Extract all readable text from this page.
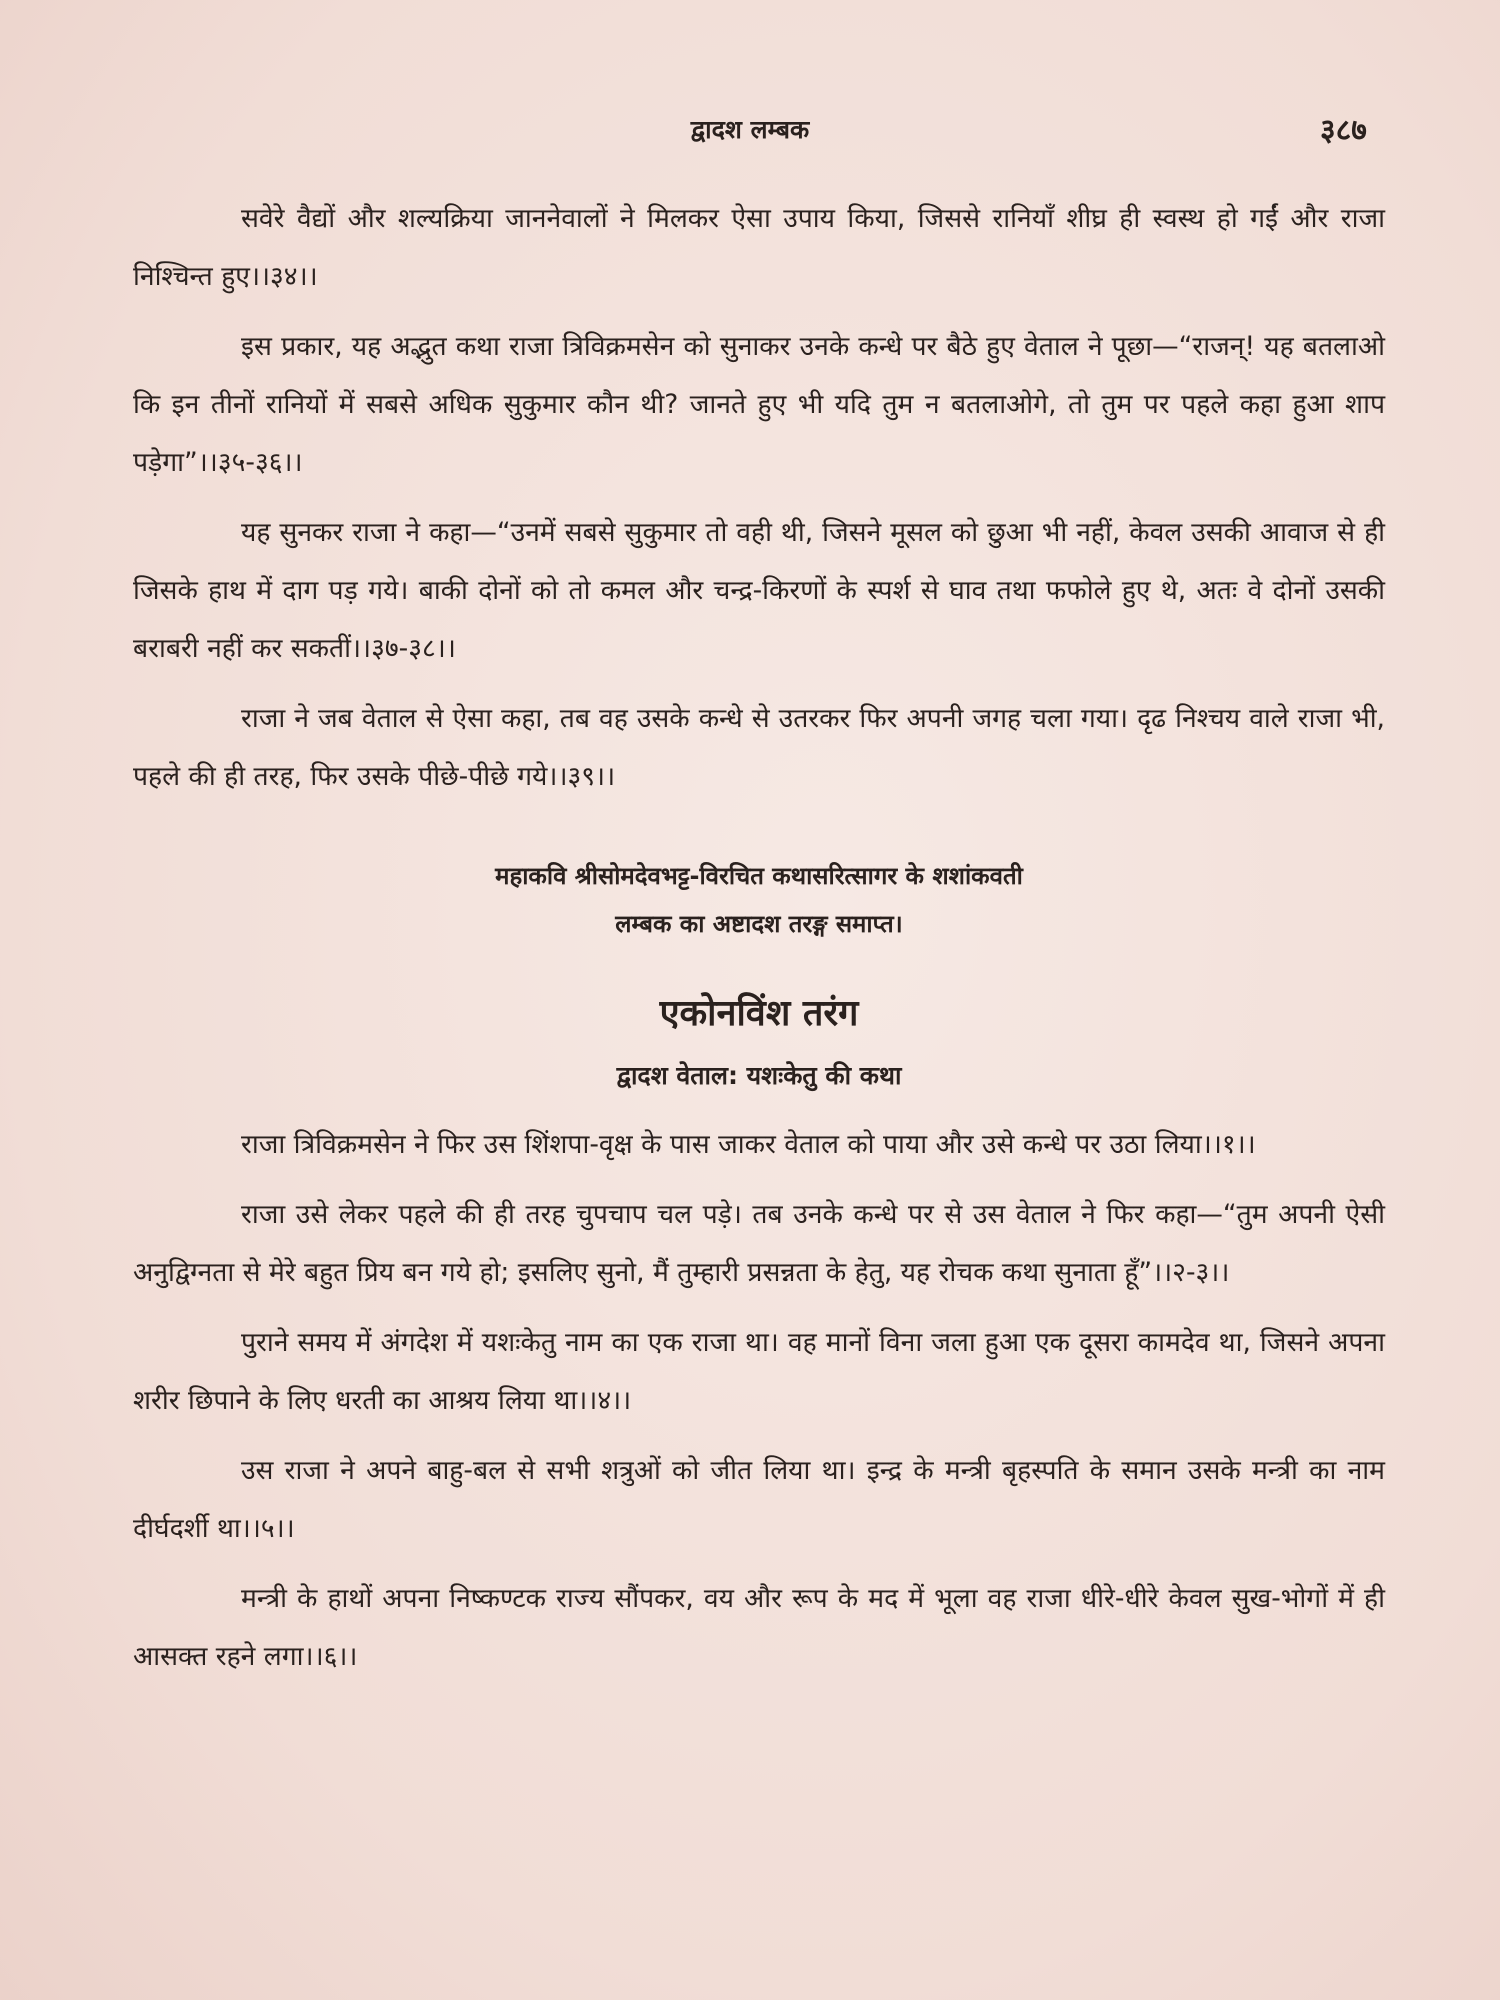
द्वादश लम्बक	३८७

सवेरे वैद्यों और शल्यक्रिया जाननेवालों ने मिलकर ऐसा उपाय किया, जिससे रानियाँ शीघ्र ही स्वस्थ हो गईं और राजा निश्चिन्त हुए।।३४।।

इस प्रकार, यह अद्भुत कथा राजा त्रिविक्रमसेन को सुनाकर उनके कन्धे पर बैठे हुए वेताल ने पूछा—“राजन्! यह बतलाओ कि इन तीनों रानियों में सबसे अधिक सुकुमार कौन थी? जानते हुए भी यदि तुम न बतलाओगे, तो तुम पर पहले कहा हुआ शाप पड़ेगा”।।३५-३६।।

यह सुनकर राजा ने कहा—“उनमें सबसे सुकुमार तो वही थी, जिसने मूसल को छुआ भी नहीं, केवल उसकी आवाज से ही जिसके हाथ में दाग पड़ गये। बाकी दोनों को तो कमल और चन्द्र-किरणों के स्पर्श से घाव तथा फफोले हुए थे, अतः वे दोनों उसकी बराबरी नहीं कर सकतीं।।३७-३८।।

राजा ने जब वेताल से ऐसा कहा, तब वह उसके कन्धे से उतरकर फिर अपनी जगह चला गया। दृढ निश्चय वाले राजा भी, पहले की ही तरह, फिर उसके पीछे-पीछे गये।।३९।।

महाकवि श्रीसोमदेवभट्ट-विरचित कथासरित्सागर के शशांकवती
लम्बक का अष्टादश तरङ्ग समाप्त।
एकोनविंश तरंग
द्वादश वेताल: यशःकेतु की कथा

राजा त्रिविक्रमसेन ने फिर उस शिंशपा-वृक्ष के पास जाकर वेताल को पाया और उसे कन्धे पर उठा लिया।।१।।

राजा उसे लेकर पहले की ही तरह चुपचाप चल पड़े। तब उनके कन्धे पर से उस वेताल ने फिर कहा—“तुम अपनी ऐसी अनुद्विग्नता से मेरे बहुत प्रिय बन गये हो; इसलिए सुनो, मैं तुम्हारी प्रसन्नता के हेतु, यह रोचक कथा सुनाता हूँ”।।२-३।।

पुराने समय में अंगदेश में यशःकेतु नाम का एक राजा था। वह मानों विना जला हुआ एक दूसरा कामदेव था, जिसने अपना शरीर छिपाने के लिए धरती का आश्रय लिया था।।४।।

उस राजा ने अपने बाहु-बल से सभी शत्रुओं को जीत लिया था। इन्द्र के मन्त्री बृहस्पति के समान उसके मन्त्री का नाम दीर्घदर्शी था।।५।।

मन्त्री के हाथों अपना निष्कण्टक राज्य सौंपकर, वय और रूप के मद में भूला वह राजा धीरे-धीरे केवल सुख-भोगों में ही आसक्त रहने लगा।।६।।
